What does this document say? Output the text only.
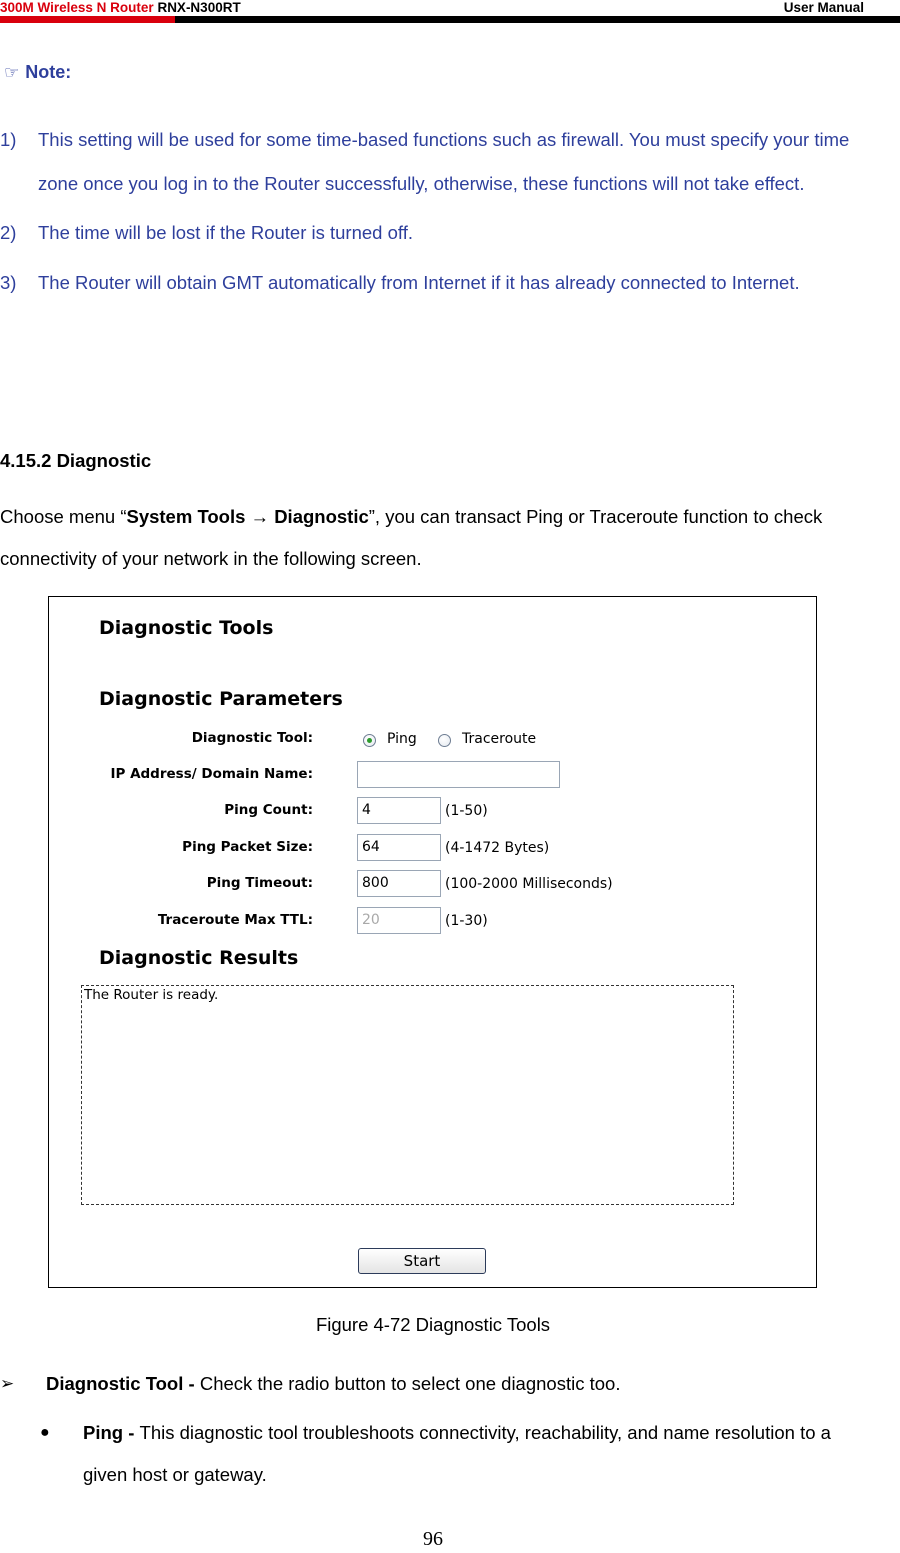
300M Wireless N Router RNX-N300RT	User Manual
☞ Note:
1) This setting will be used for some time-based functions such as firewall. You must specify your time zone once you log in to the Router successfully, otherwise, these functions will not take effect.
2) The time will be lost if the Router is turned off.
3) The Router will obtain GMT automatically from Internet if it has already connected to Internet.
4.15.2 Diagnostic
Choose menu “System Tools → Diagnostic”, you can transact Ping or Traceroute function to check connectivity of your network in the following screen.
Diagnostic Tools
Diagnostic Parameters
Diagnostic Tool:	Ping	Traceroute
IP Address/ Domain Name:
Ping Count:	4	(1-50)
Ping Packet Size:	64	(4-1472 Bytes)
Ping Timeout:	800	(100-2000 Milliseconds)
Traceroute Max TTL:	20	(1-30)
Diagnostic Results
The Router is ready.
Start
Figure 4-72 Diagnostic Tools
➢ Diagnostic Tool - Check the radio button to select one diagnostic too.
● Ping - This diagnostic tool troubleshoots connectivity, reachability, and name resolution to a given host or gateway.
96
